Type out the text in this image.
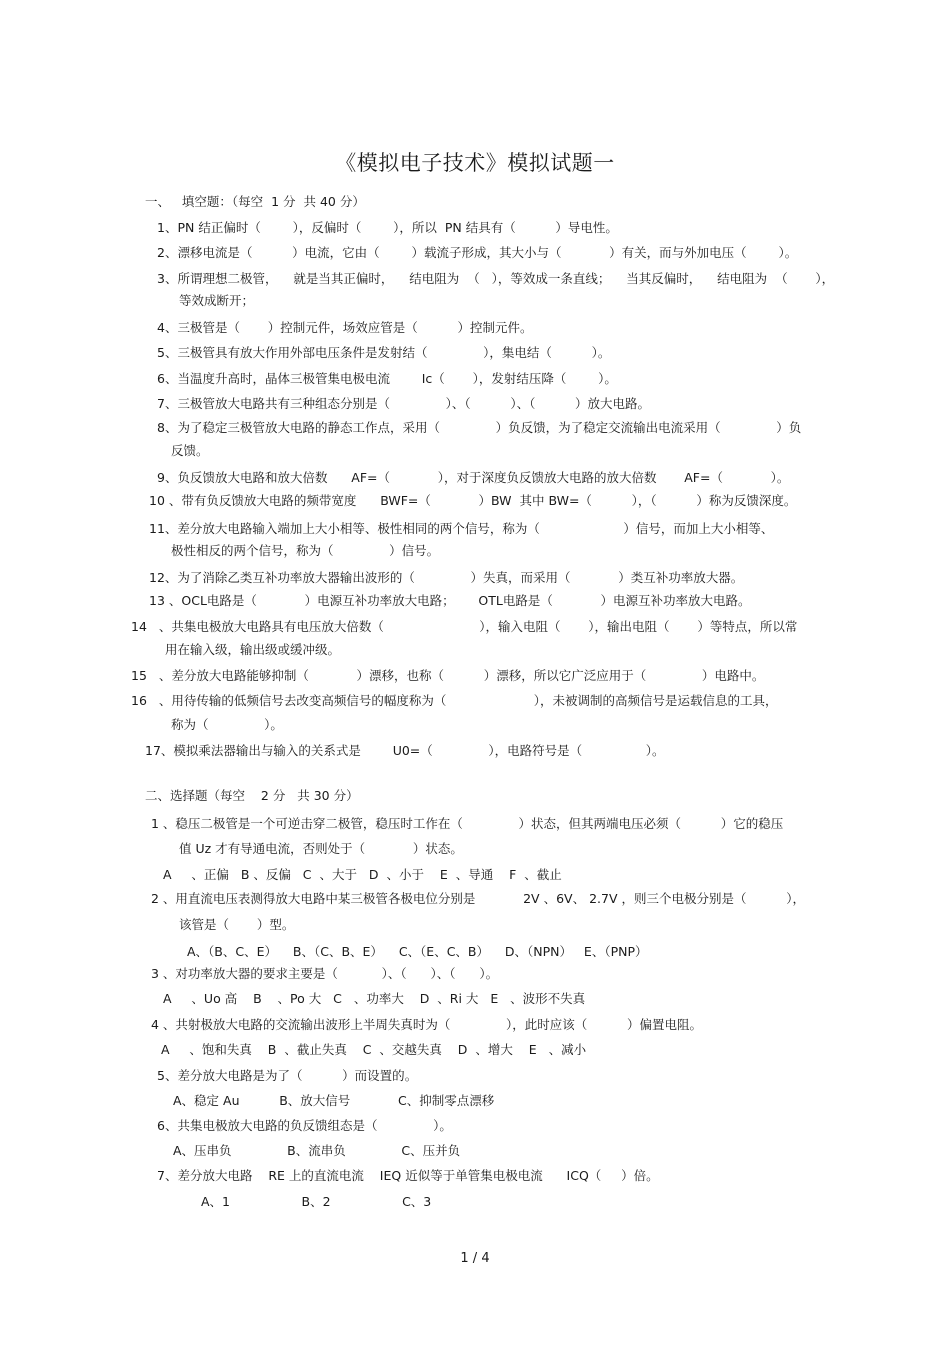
《模拟电子技术》模拟试题一
一、   填空题：（每空  1 分  共 40 分）
1、PN 结正偏时（        ），反偏时（        ），所以  PN 结具有（          ）导电性。
2、漂移电流是（          ）电流，它由（        ）载流子形成，其大小与（            ）有关，而与外加电压（        ）。
3、所谓理想二极管，    就是当其正偏时，    结电阻为  （   ），等效成一条直线；    当其反偏时，    结电阻为  （       ），
等效成断开；
4、三极管是（       ）控制元件，场效应管是（          ）控制元件。
5、三极管具有放大作用外部电压条件是发射结（              ），集电结（          ）。
6、当温度升高时，晶体三极管集电极电流        Ic（       ），发射结压降（        ）。
7、三极管放大电路共有三种组态分别是（              ）、（          ）、（          ）放大电路。
8、为了稳定三极管放大电路的静态工作点，采用（              ）负反馈，为了稳定交流输出电流采用（              ）负
反馈。
9、负反馈放大电路和放大倍数      AF=（            ），对于深度负反馈放大电路的放大倍数       AF=（            ）。
10 、带有负反馈放大电路的频带宽度      BWF=（            ）BW  其中 BW=（          ），（          ）称为反馈深度。
11、差分放大电路输入端加上大小相等、极性相同的两个信号，称为（                     ）信号，而加上大小相等、
极性相反的两个信号，称为（              ）信号。
12、为了消除乙类互补功率放大器输出波形的（              ）失真，而采用（            ）类互补功率放大器。
13 、OCL电路是（            ）电源互补功率放大电路；      OTL电路是（            ）电源互补功率放大电路。
14   、共集电极放大电路具有电压放大倍数（                        ），输入电阻（       ），输出电阻（       ）等特点，所以常
用在输入级，输出级或缓冲级。
15   、差分放大电路能够抑制（            ）漂移，也称（          ）漂移，所以它广泛应用于（              ）电路中。
16   、用待传输的低频信号去改变高频信号的幅度称为（                      ），未被调制的高频信号是运载信息的工具，
称为（              ）。
17、模拟乘法器输出与输入的关系式是        U0=（              ），电路符号是（                ）。
二、选择题（每空    2 分   共 30 分）
1 、稳压二极管是一个可逆击穿二极管，稳压时工作在（              ）状态，但其两端电压必须（          ）它的稳压
值 Uz 才有导通电流，否则处于（            ）状态。
A     、正偏   B 、反偏   C  、大于   D  、小于    E  、导通    F  、截止
2 、用直流电压表测得放大电路中某三极管各极电位分别是            2V 、6V、 2.7V ，则三个电极分别是（          ），
该管是（       ）型。
A、（B、C、E）    B、（C、B、E）    C、（E、C、B）    D、（NPN）   E、（PNP）
3 、对功率放大器的要求主要是（           ）、（      ）、（      ）。
A     、Uo 高    B    、Po 大   C   、功率大    D  、Ri 大   E   、波形不失真
4 、共射极放大电路的交流输出波形上半周失真时为（              ），此时应该（          ）偏置电阻。
A     、饱和失真    B  、截止失真    C  、交越失真    D  、增大    E   、减小
5、差分放大电路是为了（          ）而设置的。
A、稳定 Au          B、放大信号            C、抑制零点漂移
6、共集电极放大电路的负反馈组态是（              ）。
A、压串负              B、流串负              C、压并负
7、差分放大电路    RE 上的直流电流    IEQ 近似等于单管集电极电流      ICQ（     ）倍。
A、1                  B、2                  C、3
1 / 4
